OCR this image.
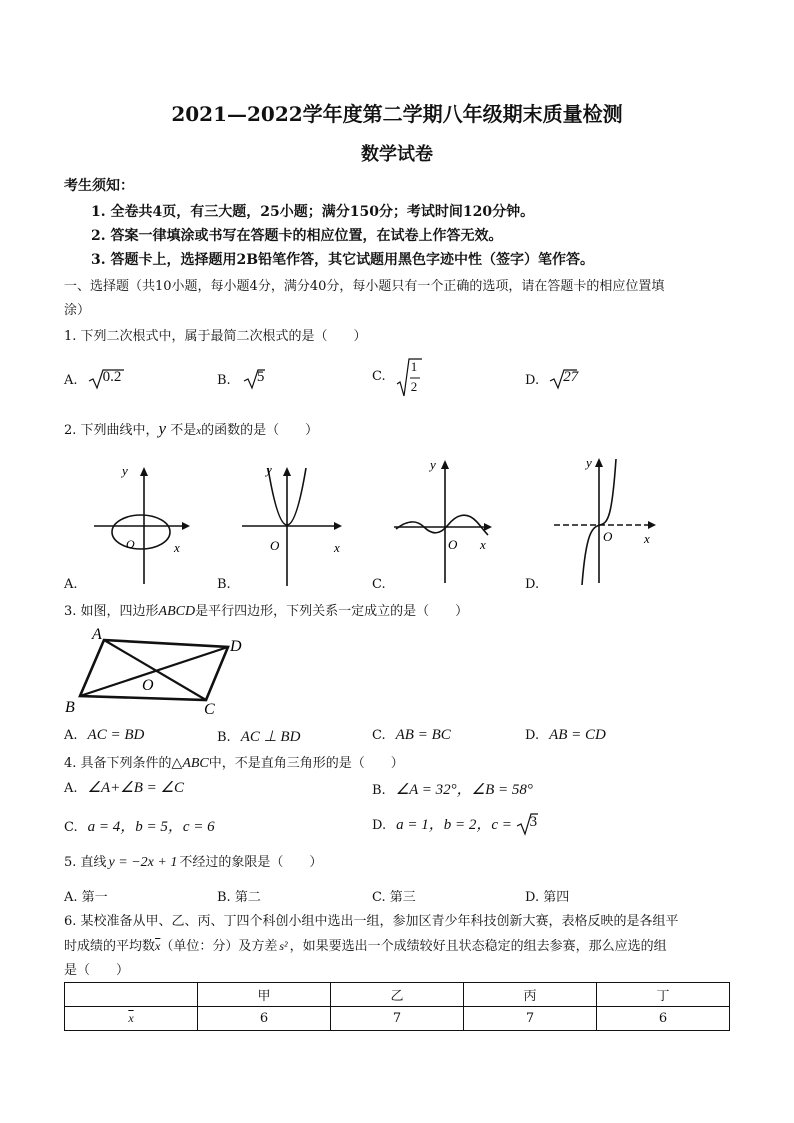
2021—2022学年度第二学期八年级期末质量检测
数学试卷
考生须知：
1. 全卷共4页，有三大题，25小题；满分150分；考试时间120分钟。
2. 答案一律填涂或书写在答题卡的相应位置，在试卷上作答无效。
3. 答题卡上，选择题用2B铅笔作答，其它试题用黑色字迹中性（签字）笔作答。
一、选择题（共10小题，每小题4分，满分40分，每小题只有一个正确的选项，请在答题卡的相应位置填
涂）
1. 下列二次根式中，属于最简二次根式的是（　　）
A. 0.2	B. 5	C.
1
2	D. 27
2. 下列曲线中，y 不是x的函数的是（　　）
y
x
O
A.
y
x
O
B.
y
x
O
C.
y
x
O
D.
3. 如图，四边形ABCD是平行四边形，下列关系一定成立的是（　　）
A
D
B	C
O
A. AC = BD	B. AC ⊥ BD	C. AB = BC	D. AB = CD
4. 具备下列条件的△ABC中，不是直角三角形的是（　　）
A. ∠A+∠B = ∠C	B. ∠A = 32°，∠B = 58°
C. a = 4，b = 5，c = 6	D. a = 1，b = 2，c = 3
5. 直线 y = −2x + 1 不经过的象限是（　　）
A. 第一	B. 第二	C. 第三	D. 第四
6. 某校准备从甲、乙、丙、丁四个科创小组中选出一组，参加区青少年科技创新大赛，表格反映的是各组平
时成绩的平均数$\overline{x}$（单位：分）及方差 s² ，如果要选出一个成绩较好且状态稳定的组去参赛，那么应选的组
是（　　）
	甲	乙	丙	丁
$\overline{x}$	6	7	7	6
